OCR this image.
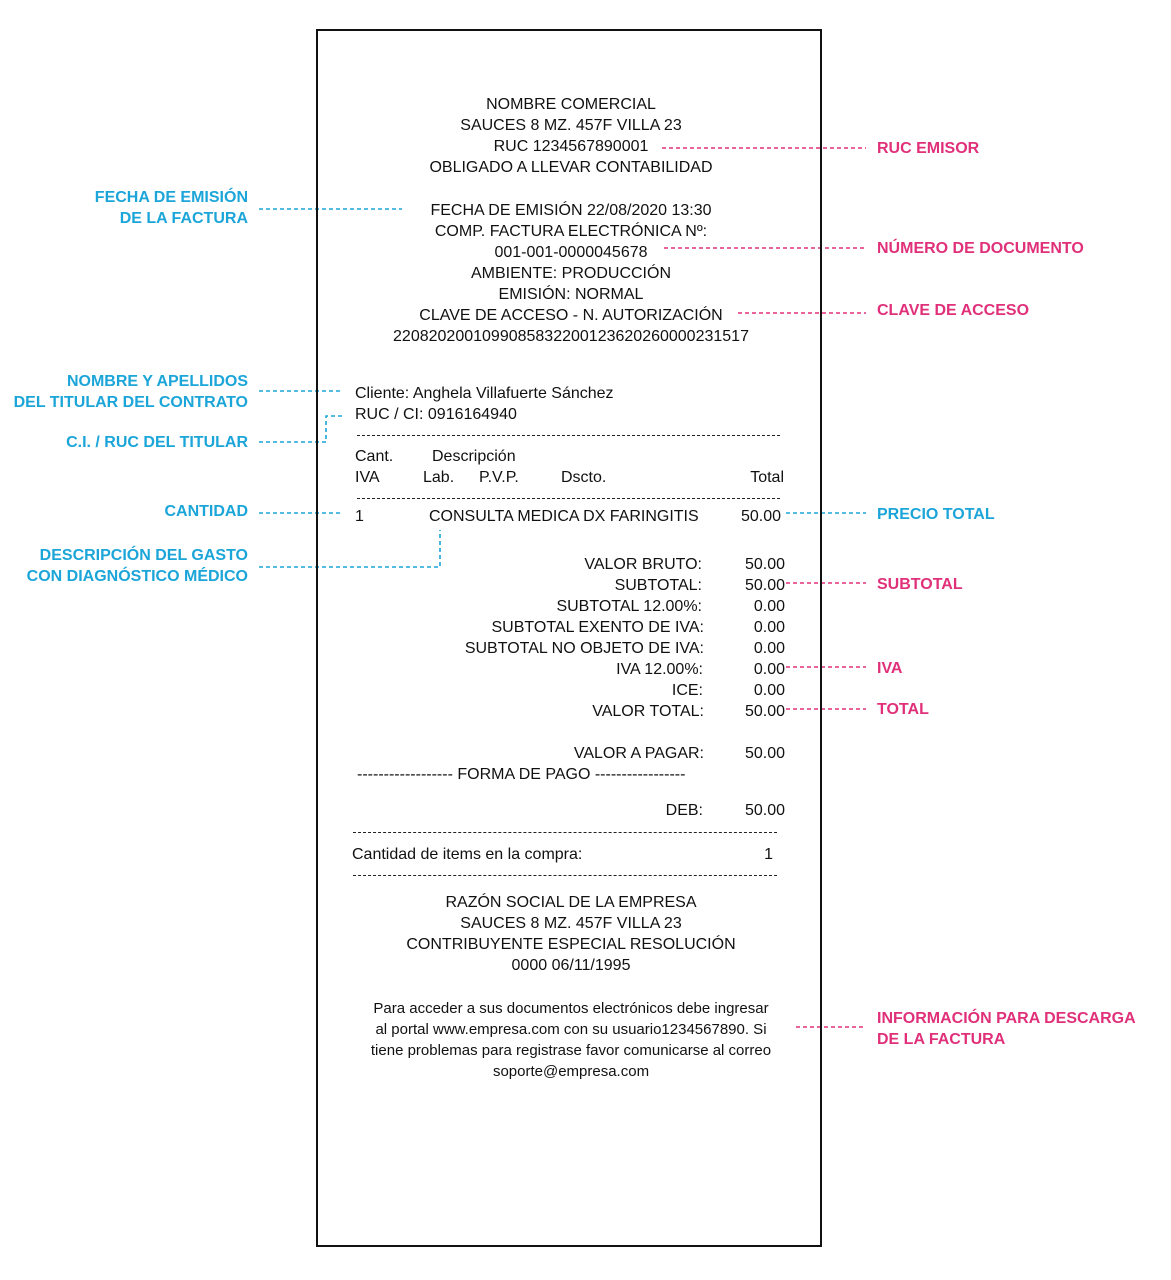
NOMBRE COMERCIAL
SAUCES 8 MZ. 457F VILLA 23
RUC 1234567890001
OBLIGADO A LLEVAR CONTABILIDAD
FECHA DE EMISIÓN 22/08/2020 13:30
COMP. FACTURA ELECTRÓNICA Nº:
001-001-0000045678
AMBIENTE: PRODUCCIÓN
EMISIÓN: NORMAL
CLAVE DE ACCESO - N. AUTORIZACIÓN
2208202001099085832200123620260000231517
Cliente: Anghela Villafuerte Sánchez
RUC / CI: 0916164940
Cant. Descripción
IVA	Lab. P.V.P.	Dscto.	Total
1	CONSULTA MEDICA DX FARINGITIS	50.00
VALOR BRUTO:	50.00
SUBTOTAL:	50.00
SUBTOTAL 12.00%:	0.00
SUBTOTAL EXENTO DE IVA:	0.00
SUBTOTAL NO OBJETO DE IVA:	0.00
IVA 12.00%:	0.00
ICE:	0.00
VALOR TOTAL:	50.00
VALOR A PAGAR:	50.00
------------------ FORMA DE PAGO -----------------
DEB:	50.00
Cantidad de items en la compra:	1
RAZÓN SOCIAL DE LA EMPRESA
SAUCES 8 MZ. 457F VILLA 23
CONTRIBUYENTE ESPECIAL RESOLUCIÓN
0000 06/11/1995
Para acceder a sus documentos electrónicos debe ingresar
al portal www.empresa.com con su usuario1234567890. Si
tiene problemas para registrase favor comunicarse al correo
soporte@empresa.com
FECHA DE EMISIÓN
DE LA FACTURA
NOMBRE Y APELLIDOS
DEL TITULAR DEL CONTRATO
C.I. / RUC DEL TITULAR
CANTIDAD
DESCRIPCIÓN DEL GASTO
CON DIAGNÓSTICO MÉDICO
RUC EMISOR
NÚMERO DE DOCUMENTO
CLAVE DE ACCESO
PRECIO TOTAL
SUBTOTAL
IVA
TOTAL
INFORMACIÓN PARA DESCARGA
DE LA FACTURA
